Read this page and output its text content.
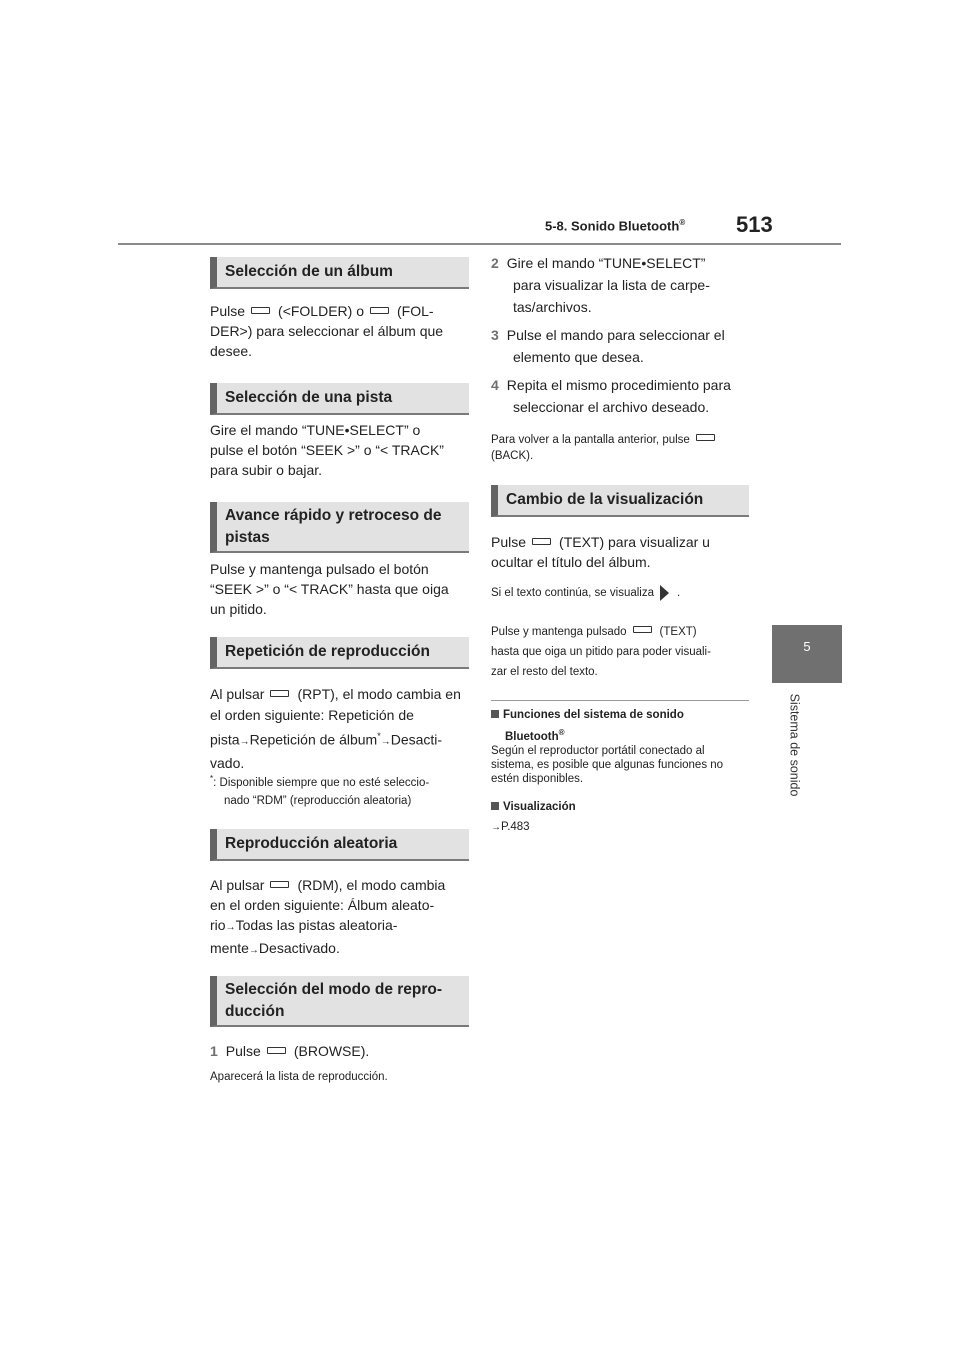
5-8. Sonido Bluetooth® 513
5
Sistema de sonido
Selección de un álbum
Pulse (<FOLDER) o (FOL-
DER>) para seleccionar el álbum que
desee.
Selección de una pista
Gire el mando “TUNE•SELECT” o
pulse el botón “SEEK >” o “< TRACK”
para subir o bajar.
Avance rápido y retroceso de
pistas
Pulse y mantenga pulsado el botón
“SEEK >” o “< TRACK” hasta que oiga
un pitido.
Repetición de reproducción
Al pulsar (RPT), el modo cambia en
el orden siguiente: Repetición de
pista→Repetición de álbum*→Desacti-
vado.
*: Disponible siempre que no esté seleccio-
nado “RDM” (reproducción aleatoria)
Reproducción aleatoria
Al pulsar (RDM), el modo cambia
en el orden siguiente: Álbum aleato-
rio→Todas las pistas aleatoria-
mente→Desactivado.
Selección del modo de repro-
ducción
1 Pulse (BROWSE).
Aparecerá la lista de reproducción.
2 Gire el mando “TUNE•SELECT”
para visualizar la lista de carpe-
tas/archivos.
3 Pulse el mando para seleccionar el
elemento que desea.
4 Repita el mismo procedimiento para
seleccionar el archivo deseado.
Para volver a la pantalla anterior, pulse
(BACK).
Cambio de la visualización
Pulse (TEXT) para visualizar u
ocultar el título del álbum.
Si el texto continúa, se visualiza .
Pulse y mantenga pulsado	(TEXT)
hasta que oiga un pitido para poder visuali-
zar el resto del texto.
Funciones del sistema de sonido
Bluetooth®
Según el reproductor portátil conectado al
sistema, es posible que algunas funciones no
estén disponibles.
Visualización
→P.483
